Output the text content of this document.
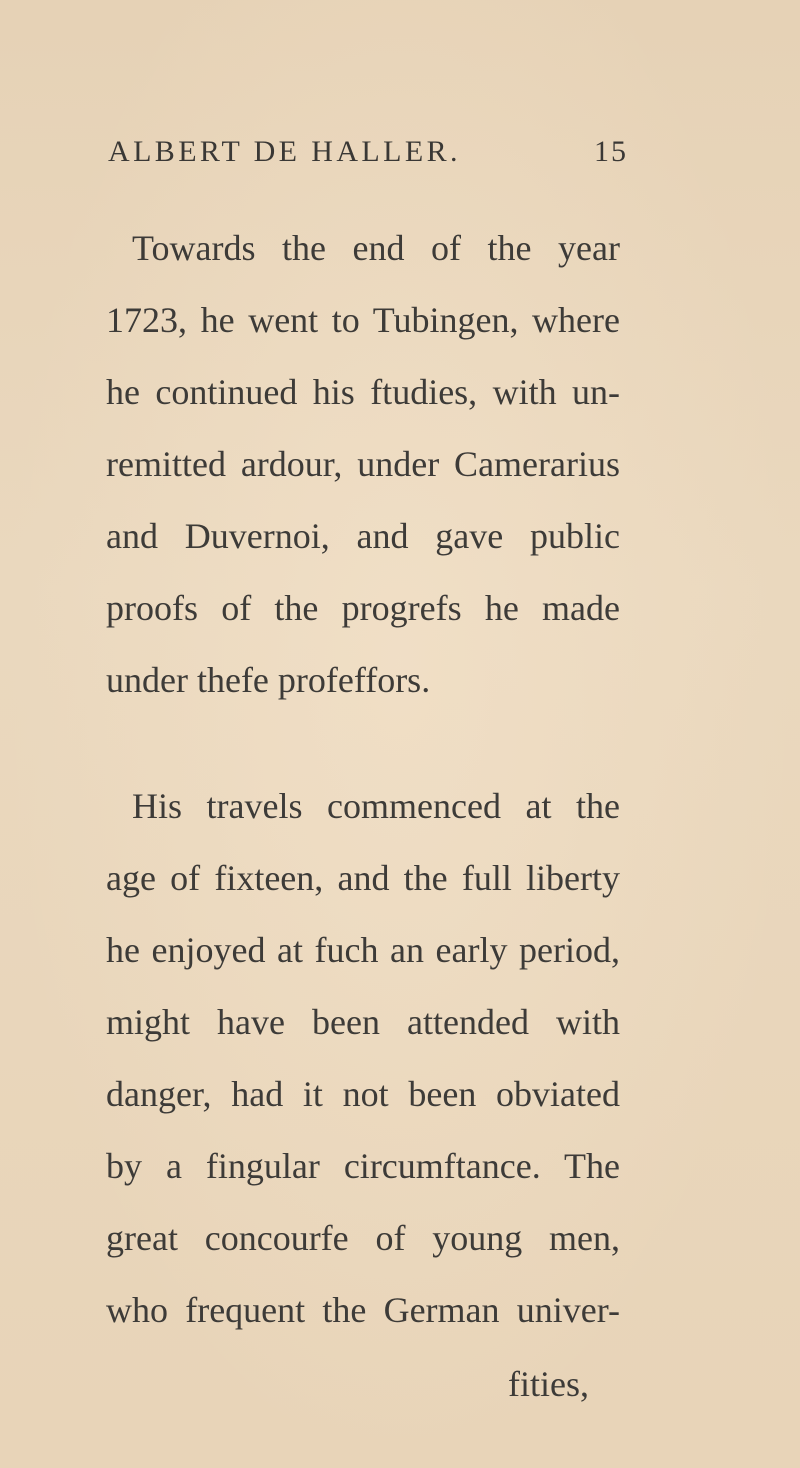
ALBERT DE HALLER.	15
Towards the end of the year
1723, he went to Tubingen, where
he continued his ftudies, with un-
remitted ardour, under Camerarius
and Duvernoi, and gave public
proofs of the progrefs he made
under thefe profeffors.
His travels commenced at the
age of fixteen, and the full liberty
he enjoyed at fuch an early period,
might have been attended with
danger, had it not been obviated
by a fingular circumftance. The
great concourfe of young men,
who frequent the German univer-
fities,
